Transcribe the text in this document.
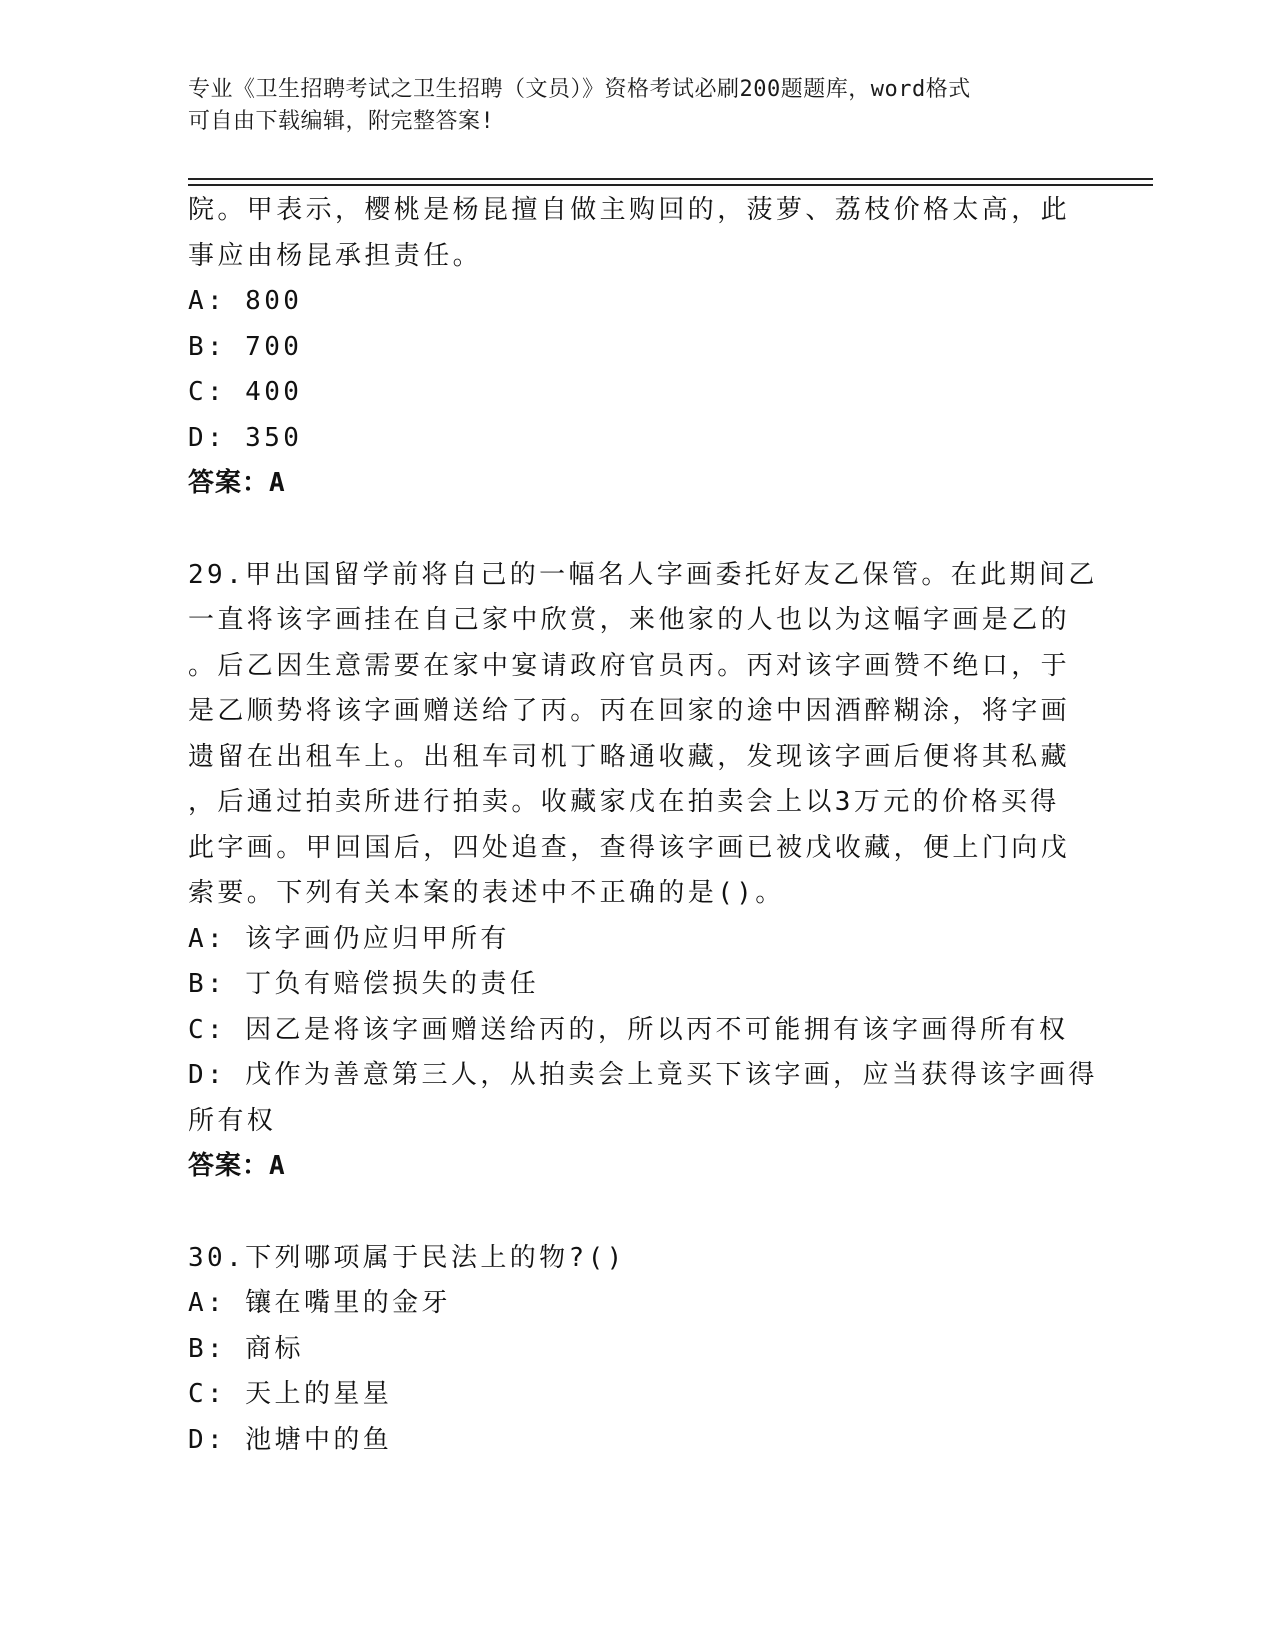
专业《卫生招聘考试之卫生招聘（文员）》资格考试必刷200题题库，word格式
可自由下载编辑，附完整答案!
院。甲表示，樱桃是杨昆擅自做主购回的，菠萝、荔枝价格太高，此
事应由杨昆承担责任。
A: 800
B: 700
C: 400
D: 350
答案：A
29.甲出国留学前将自己的一幅名人字画委托好友乙保管。在此期间乙
一直将该字画挂在自己家中欣赏，来他家的人也以为这幅字画是乙的
。后乙因生意需要在家中宴请政府官员丙。丙对该字画赞不绝口，于
是乙顺势将该字画赠送给了丙。丙在回家的途中因酒醉糊涂，将字画
遗留在出租车上。出租车司机丁略通收藏，发现该字画后便将其私藏
，后通过拍卖所进行拍卖。收藏家戊在拍卖会上以3万元的价格买得
此字画。甲回国后，四处追查，查得该字画已被戊收藏，便上门向戊
索要。下列有关本案的表述中不正确的是()。
A: 该字画仍应归甲所有
B: 丁负有赔偿损失的责任
C: 因乙是将该字画赠送给丙的，所以丙不可能拥有该字画得所有权
D: 戊作为善意第三人，从拍卖会上竟买下该字画，应当获得该字画得
所有权
答案：A
30.下列哪项属于民法上的物?()
A: 镶在嘴里的金牙
B: 商标
C: 天上的星星
D: 池塘中的鱼
